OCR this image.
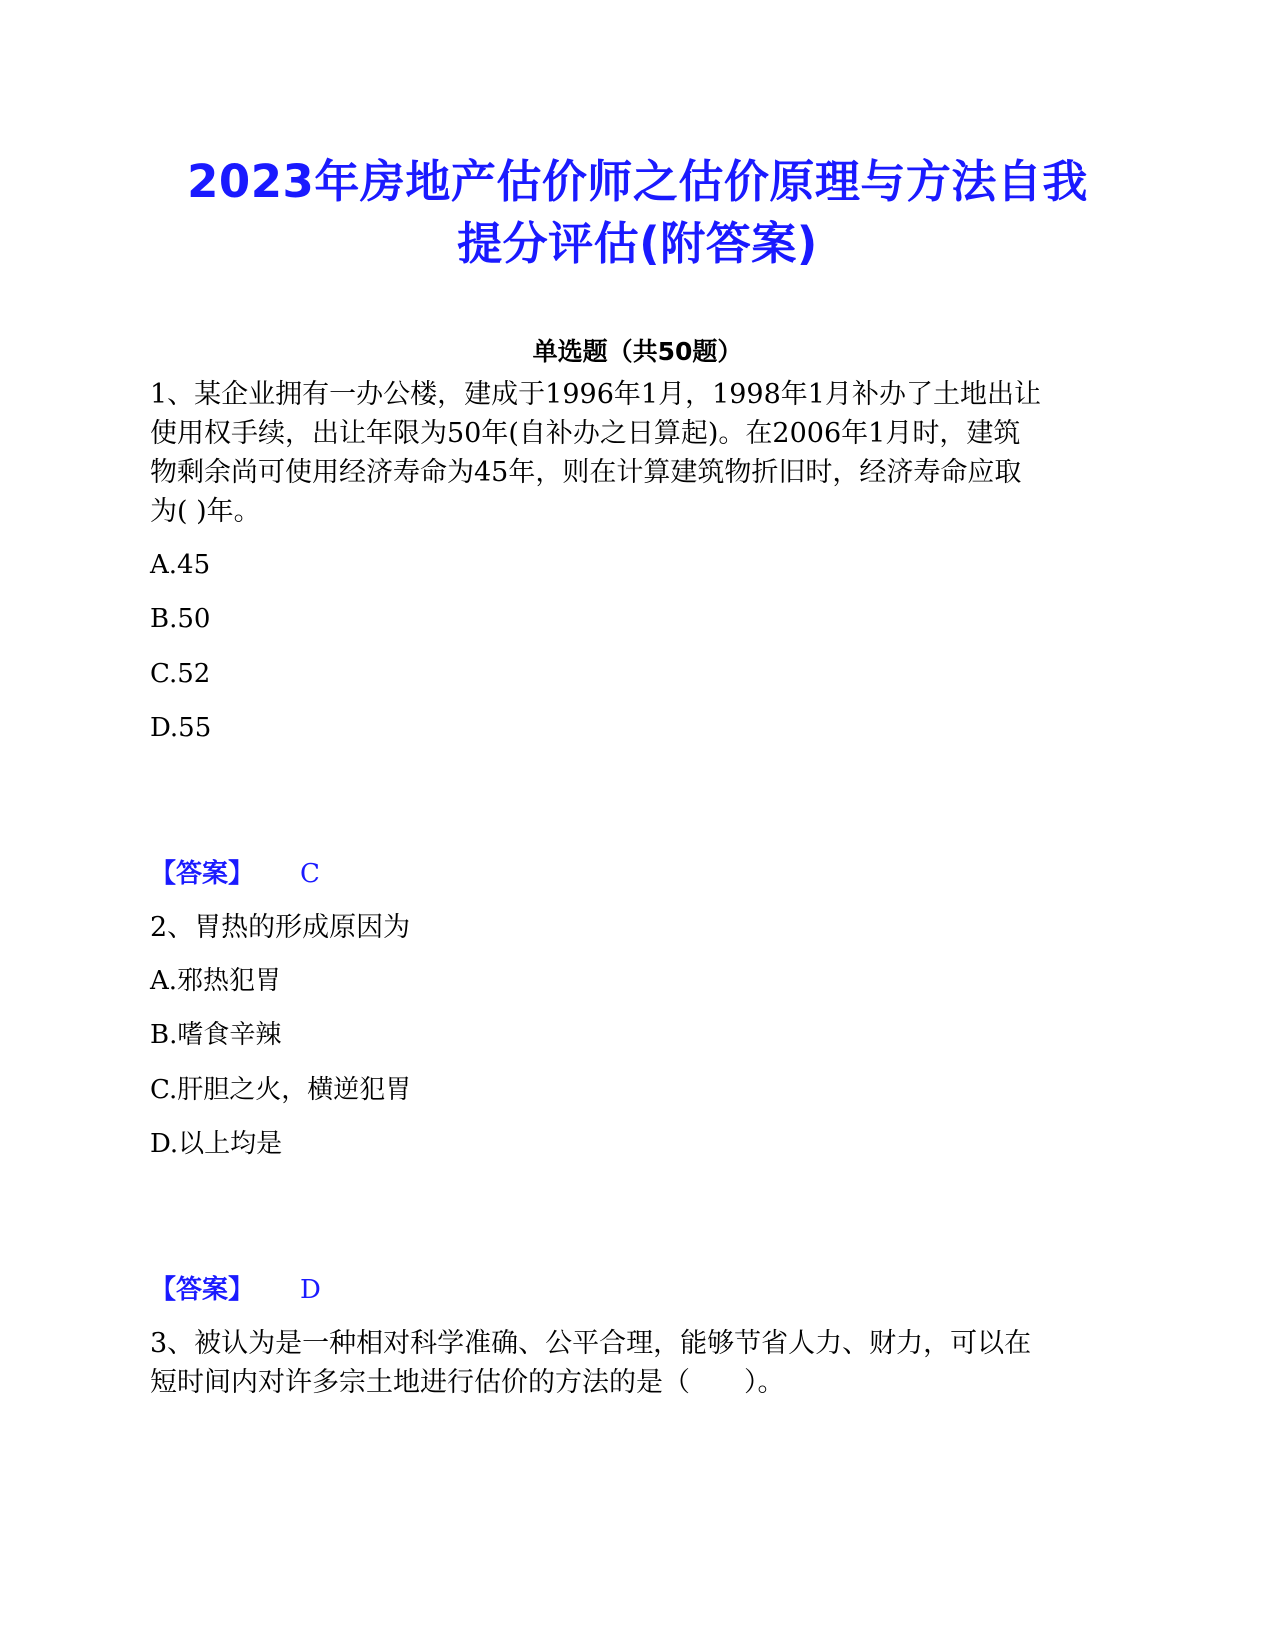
2023年房地产估价师之估价原理与方法自我
提分评估(附答案)
单选题（共50题）
1、某企业拥有一办公楼，建成于1996年1月，1998年1月补办了土地出让
使用权手续，出让年限为50年(自补办之日算起)。在2006年1月时，建筑
物剩余尚可使用经济寿命为45年，则在计算建筑物折旧时，经济寿命应取
为( )年。
A.45
B.50
C.52
D.55
【答案】 C
2、胃热的形成原因为
A.邪热犯胃
B.嗜食辛辣
C.肝胆之火，横逆犯胃
D.以上均是
【答案】 D
3、被认为是一种相对科学准确、公平合理，能够节省人力、财力，可以在
短时间内对许多宗土地进行估价的方法的是（　　）。
